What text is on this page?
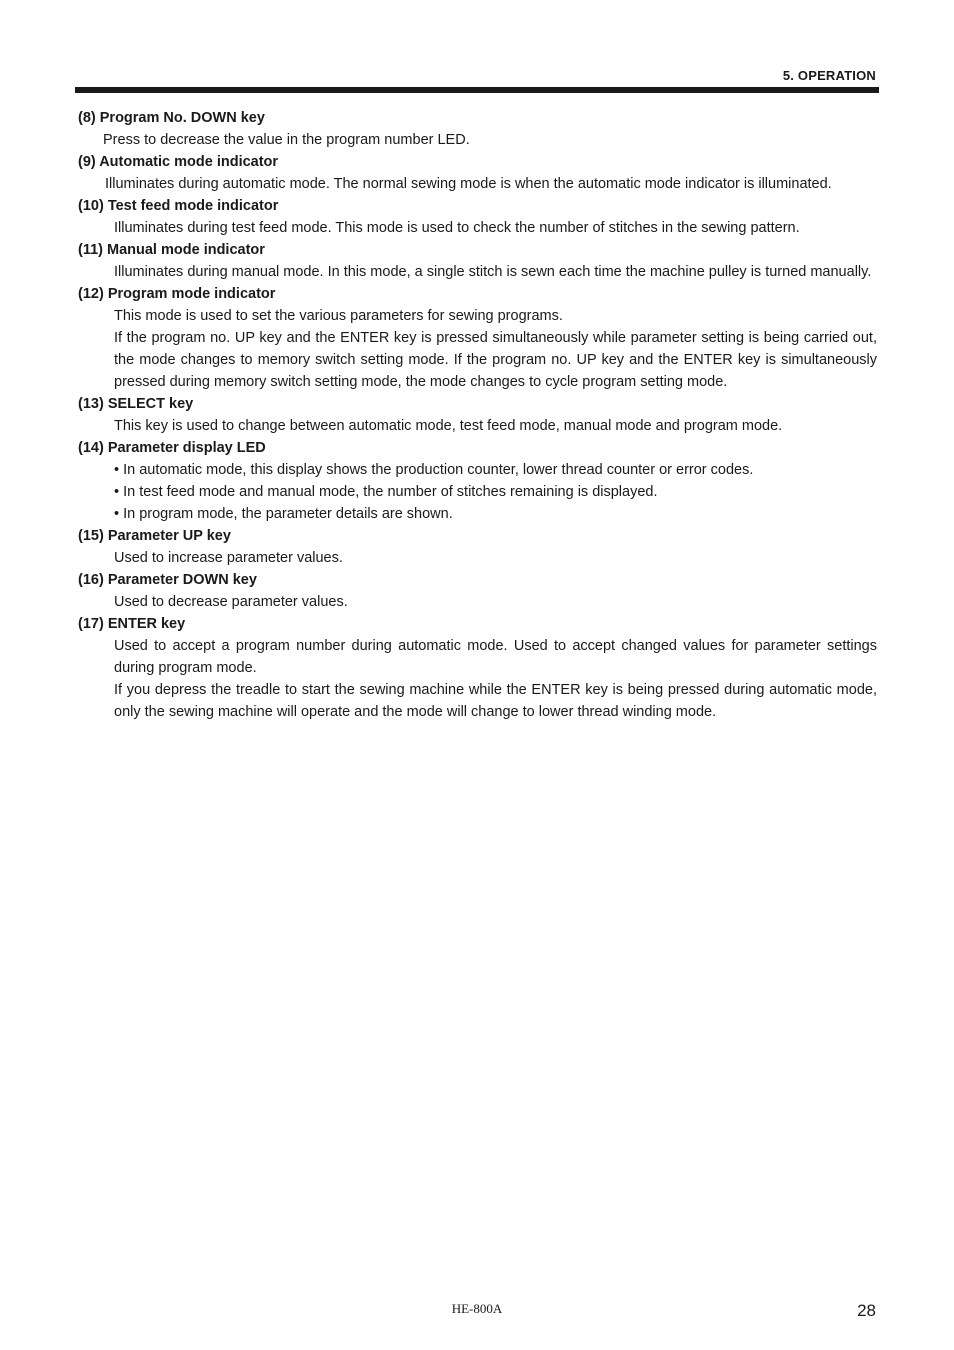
5. OPERATION

(8) Program No. DOWN key

Press to decrease the value in the program number LED.

(9) Automatic mode indicator

Illuminates during automatic mode. The normal sewing mode is when the automatic mode indicator is illuminated.

(10) Test feed mode indicator

Illuminates during test feed mode. This mode is used to check the number of stitches in the sewing pattern.

(11) Manual mode indicator

Illuminates during manual mode. In this mode, a single stitch is sewn each time the machine pulley is turned manually.

(12) Program mode indicator

This mode is used to set the various parameters for sewing programs.

If the program no. UP key and the ENTER key is pressed simultaneously while parameter setting is being carried out, the mode changes to memory switch setting mode. If the program no. UP key and the ENTER key is simultaneously pressed during memory switch setting mode, the mode changes to cycle program setting mode.

(13) SELECT key

This key is used to change between automatic mode, test feed mode, manual mode and program mode.

(14) Parameter display LED

• In automatic mode, this display shows the production counter, lower thread counter or error codes.

• In test feed mode and manual mode, the number of stitches remaining is displayed.

• In program mode, the parameter details are shown.

(15) Parameter UP key

Used to increase parameter values.

(16) Parameter DOWN key

Used to decrease parameter values.

(17) ENTER key

Used to accept a program number during automatic mode. Used to accept changed values for parameter settings during program mode.

If you depress the treadle to start the sewing machine while the ENTER key is being pressed during automatic mode, only the sewing machine will operate and the mode will change to lower thread winding mode.

HE-800A	28
